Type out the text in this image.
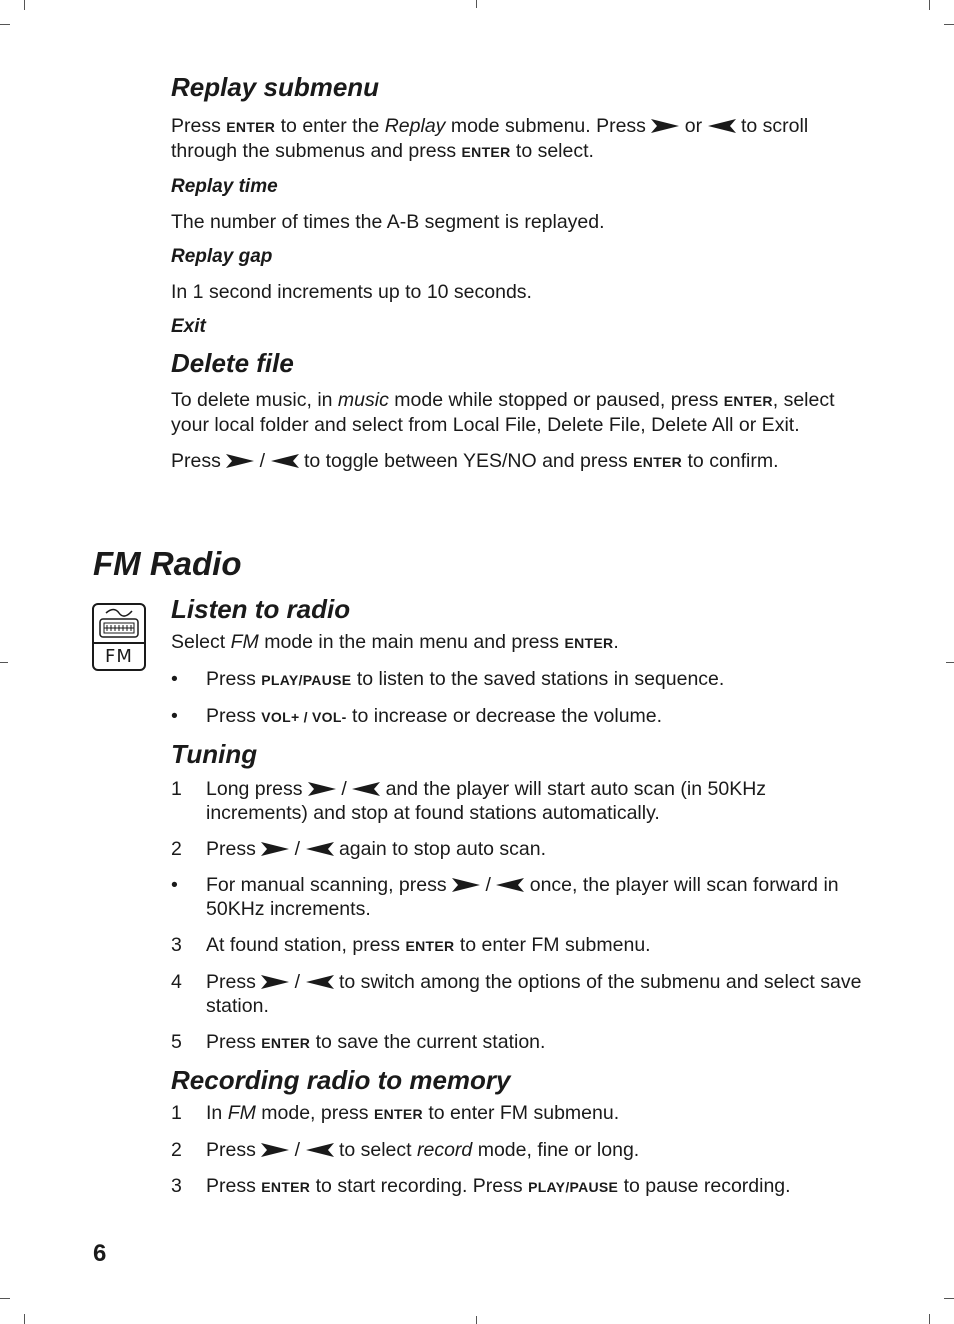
Replay submenu

Press ENTER to enter the Replay mode submenu. Press
or
to scroll through the submenus and press ENTER to select.

Replay time

The number of times the A-B segment is replayed.

Replay gap

In 1 second increments up to 10 seconds.

Exit
Delete file

To delete music, in music mode while stopped or paused, press ENTER, select your local folder and select from Local File, Delete File, Delete All or Exit.

Press
/
to toggle between YES/NO and press ENTER to confirm.

FM Radio
FM
Listen to radio

Select FM mode in the main menu and press ENTER.

• Press PLAY/PAUSE to listen to the saved stations in sequence.
• Press VOL+ / VOL- to increase or decrease the volume.
Tuning
1 Long press
/
and the player will start auto scan (in 50KHz increments) and stop at found stations automatically.
2 Press
/
again to stop auto scan.
• For manual scanning, press
/
once, the player will scan forward in 50KHz increments.
3 At found station, press ENTER to enter FM submenu.
4 Press
/
to switch among the options of the submenu and select save station.
5 Press ENTER to save the current station.
Recording radio to memory
1 In FM mode, press ENTER to enter FM submenu.
2 Press
/
to select record mode, fine or long.
3 Press ENTER to start recording. Press PLAY/PAUSE to pause recording.
6
